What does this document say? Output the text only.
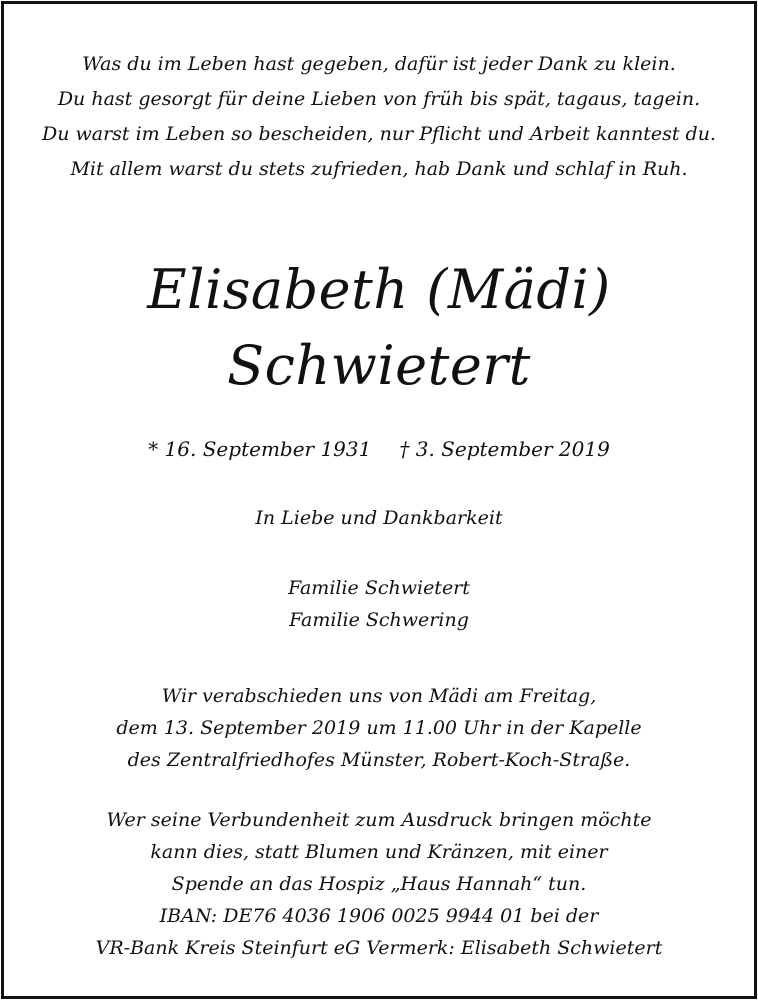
Was du im Leben hast gegeben, dafür ist jeder Dank zu klein.
Du hast gesorgt für deine Lieben von früh bis spät, tagaus, tagein.
Du warst im Leben so bescheiden, nur Pflicht und Arbeit kanntest du.
Mit allem warst du stets zufrieden, hab Dank und schlaf in Ruh.
Elisabeth (Mädi)
Schwietert
* 16. September 1931 † 3. September 2019
In Liebe und Dankbarkeit
Familie Schwietert
Familie Schwering
Wir verabschieden uns von Mädi am Freitag,
dem 13. September 2019 um 11.00 Uhr in der Kapelle
des Zentralfriedhofes Münster, Robert-Koch-Straße.
Wer seine Verbundenheit zum Ausdruck bringen möchte
kann dies, statt Blumen und Kränzen, mit einer
Spende an das Hospiz „Haus Hannah“ tun.
IBAN: DE76 4036 1906 0025 9944 01 bei der
VR-Bank Kreis Steinfurt eG Vermerk: Elisabeth Schwietert
